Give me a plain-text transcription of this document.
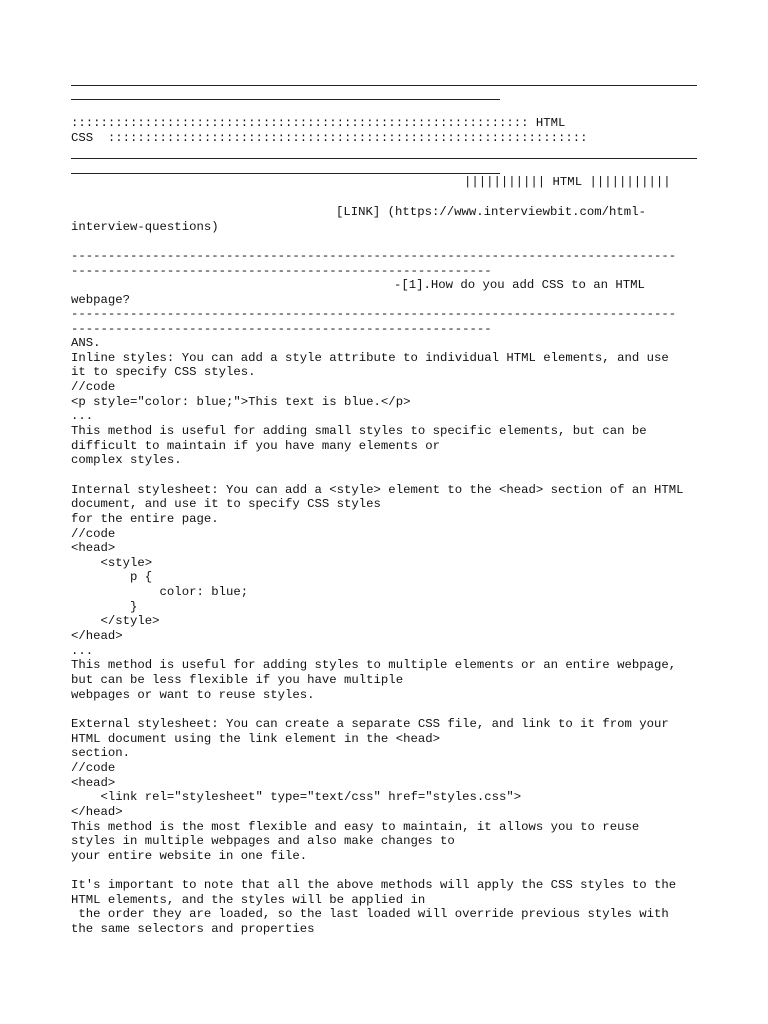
:::::::::::::::::::::::::::::::::::::::::::::::::::::::::::::: HTML
CSS  :::::::::::::::::::::::::::::::::::::::::::::::::::::::::::::::::
||||||||||| HTML |||||||||||
[LINK] (https://www.interviewbit.com/html-
interview-questions)
----------------------------------------------------------------------------------
---------------------------------------------------------
-[1].How do you add CSS to an HTML
webpage?
----------------------------------------------------------------------------------
---------------------------------------------------------
ANS.
Inline styles: You can add a style attribute to individual HTML elements, and use
it to specify CSS styles.
//code
<p style="color: blue;">This text is blue.</p>
...
This method is useful for adding small styles to specific elements, but can be
difficult to maintain if you have many elements or
complex styles.
Internal stylesheet: You can add a <style> element to the <head> section of an HTML
document, and use it to specify CSS styles
for the entire page.
//code
<head>
<style>
p {
color: blue;
}
</style>
</head>
...
This method is useful for adding styles to multiple elements or an entire webpage,
but can be less flexible if you have multiple
webpages or want to reuse styles.
External stylesheet: You can create a separate CSS file, and link to it from your
HTML document using the link element in the <head>
section.
//code
<head>
<link rel="stylesheet" type="text/css" href="styles.css">
</head>
This method is the most flexible and easy to maintain, it allows you to reuse
styles in multiple webpages and also make changes to
your entire website in one file.
It's important to note that all the above methods will apply the CSS styles to the
HTML elements, and the styles will be applied in
the order they are loaded, so the last loaded will override previous styles with
the same selectors and properties
